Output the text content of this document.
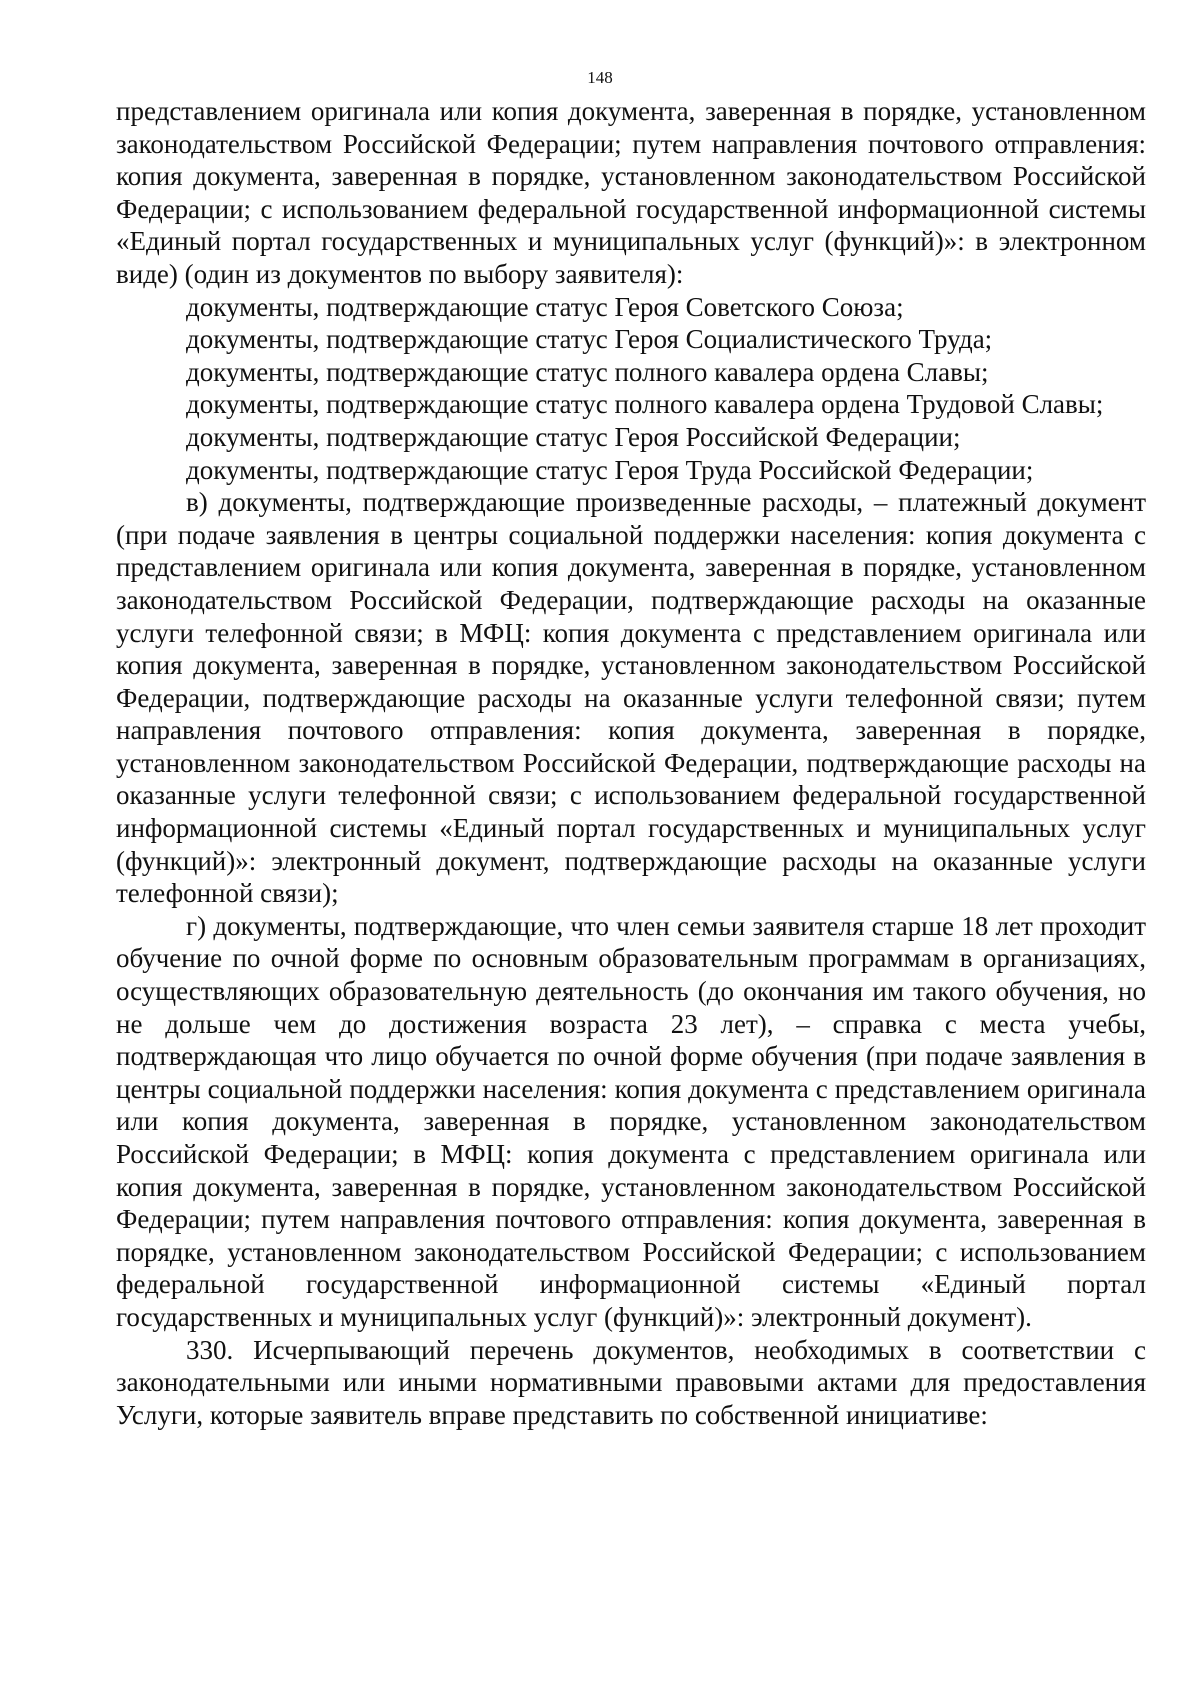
148

представлением оригинала или копия документа, заверенная в порядке, установленном законодательством Российской Федерации; путем направления почтового отправления: копия документа, заверенная в порядке, установленном законодательством Российской Федерации; с использованием федеральной государственной информационной системы «Единый портал государственных и муниципальных услуг (функций)»: в электронном виде) (один из документов по выбору заявителя):

документы, подтверждающие статус Героя Советского Союза;

документы, подтверждающие статус Героя Социалистического Труда;

документы, подтверждающие статус полного кавалера ордена Славы;

документы, подтверждающие статус полного кавалера ордена Трудовой Славы;

документы, подтверждающие статус Героя Российской Федерации;

документы, подтверждающие статус Героя Труда Российской Федерации;

в) документы, подтверждающие произведенные расходы, – платежный документ (при подаче заявления в центры социальной поддержки населения: копия документа с представлением оригинала или копия документа, заверенная в порядке, установленном законодательством Российской Федерации, подтверждающие расходы на оказанные услуги телефонной связи; в МФЦ: копия документа с представлением оригинала или копия документа, заверенная в порядке, установленном законодательством Российской Федерации, подтверждающие расходы на оказанные услуги телефонной связи; путем направления почтового отправления: копия документа, заверенная в порядке, установленном законодательством Российской Федерации, подтверждающие расходы на оказанные услуги телефонной связи; с использованием федеральной государственной информационной системы «Единый портал государственных и муниципальных услуг (функций)»: электронный документ, подтверждающие расходы на оказанные услуги телефонной связи);

г) документы, подтверждающие, что член семьи заявителя старше 18 лет проходит обучение по очной форме по основным образовательным программам в организациях, осуществляющих образовательную деятельность (до окончания им такого обучения, но не дольше чем до достижения возраста 23 лет), – справка с места учебы, подтверждающая что лицо обучается по очной форме обучения (при подаче заявления в центры социальной поддержки населения: копия документа с представлением оригинала или копия документа, заверенная в порядке, установленном законодательством Российской Федерации; в МФЦ: копия документа с представлением оригинала или копия документа, заверенная в порядке, установленном законодательством Российской Федерации; путем направления почтового отправления: копия документа, заверенная в порядке, установленном законодательством Российской Федерации; с использованием федеральной государственной информационной системы «Единый портал государственных и муниципальных услуг (функций)»: электронный документ).

330. Исчерпывающий перечень документов, необходимых в соответствии с законодательными или иными нормативными правовыми актами для предоставления Услуги, которые заявитель вправе представить по собственной инициативе:
